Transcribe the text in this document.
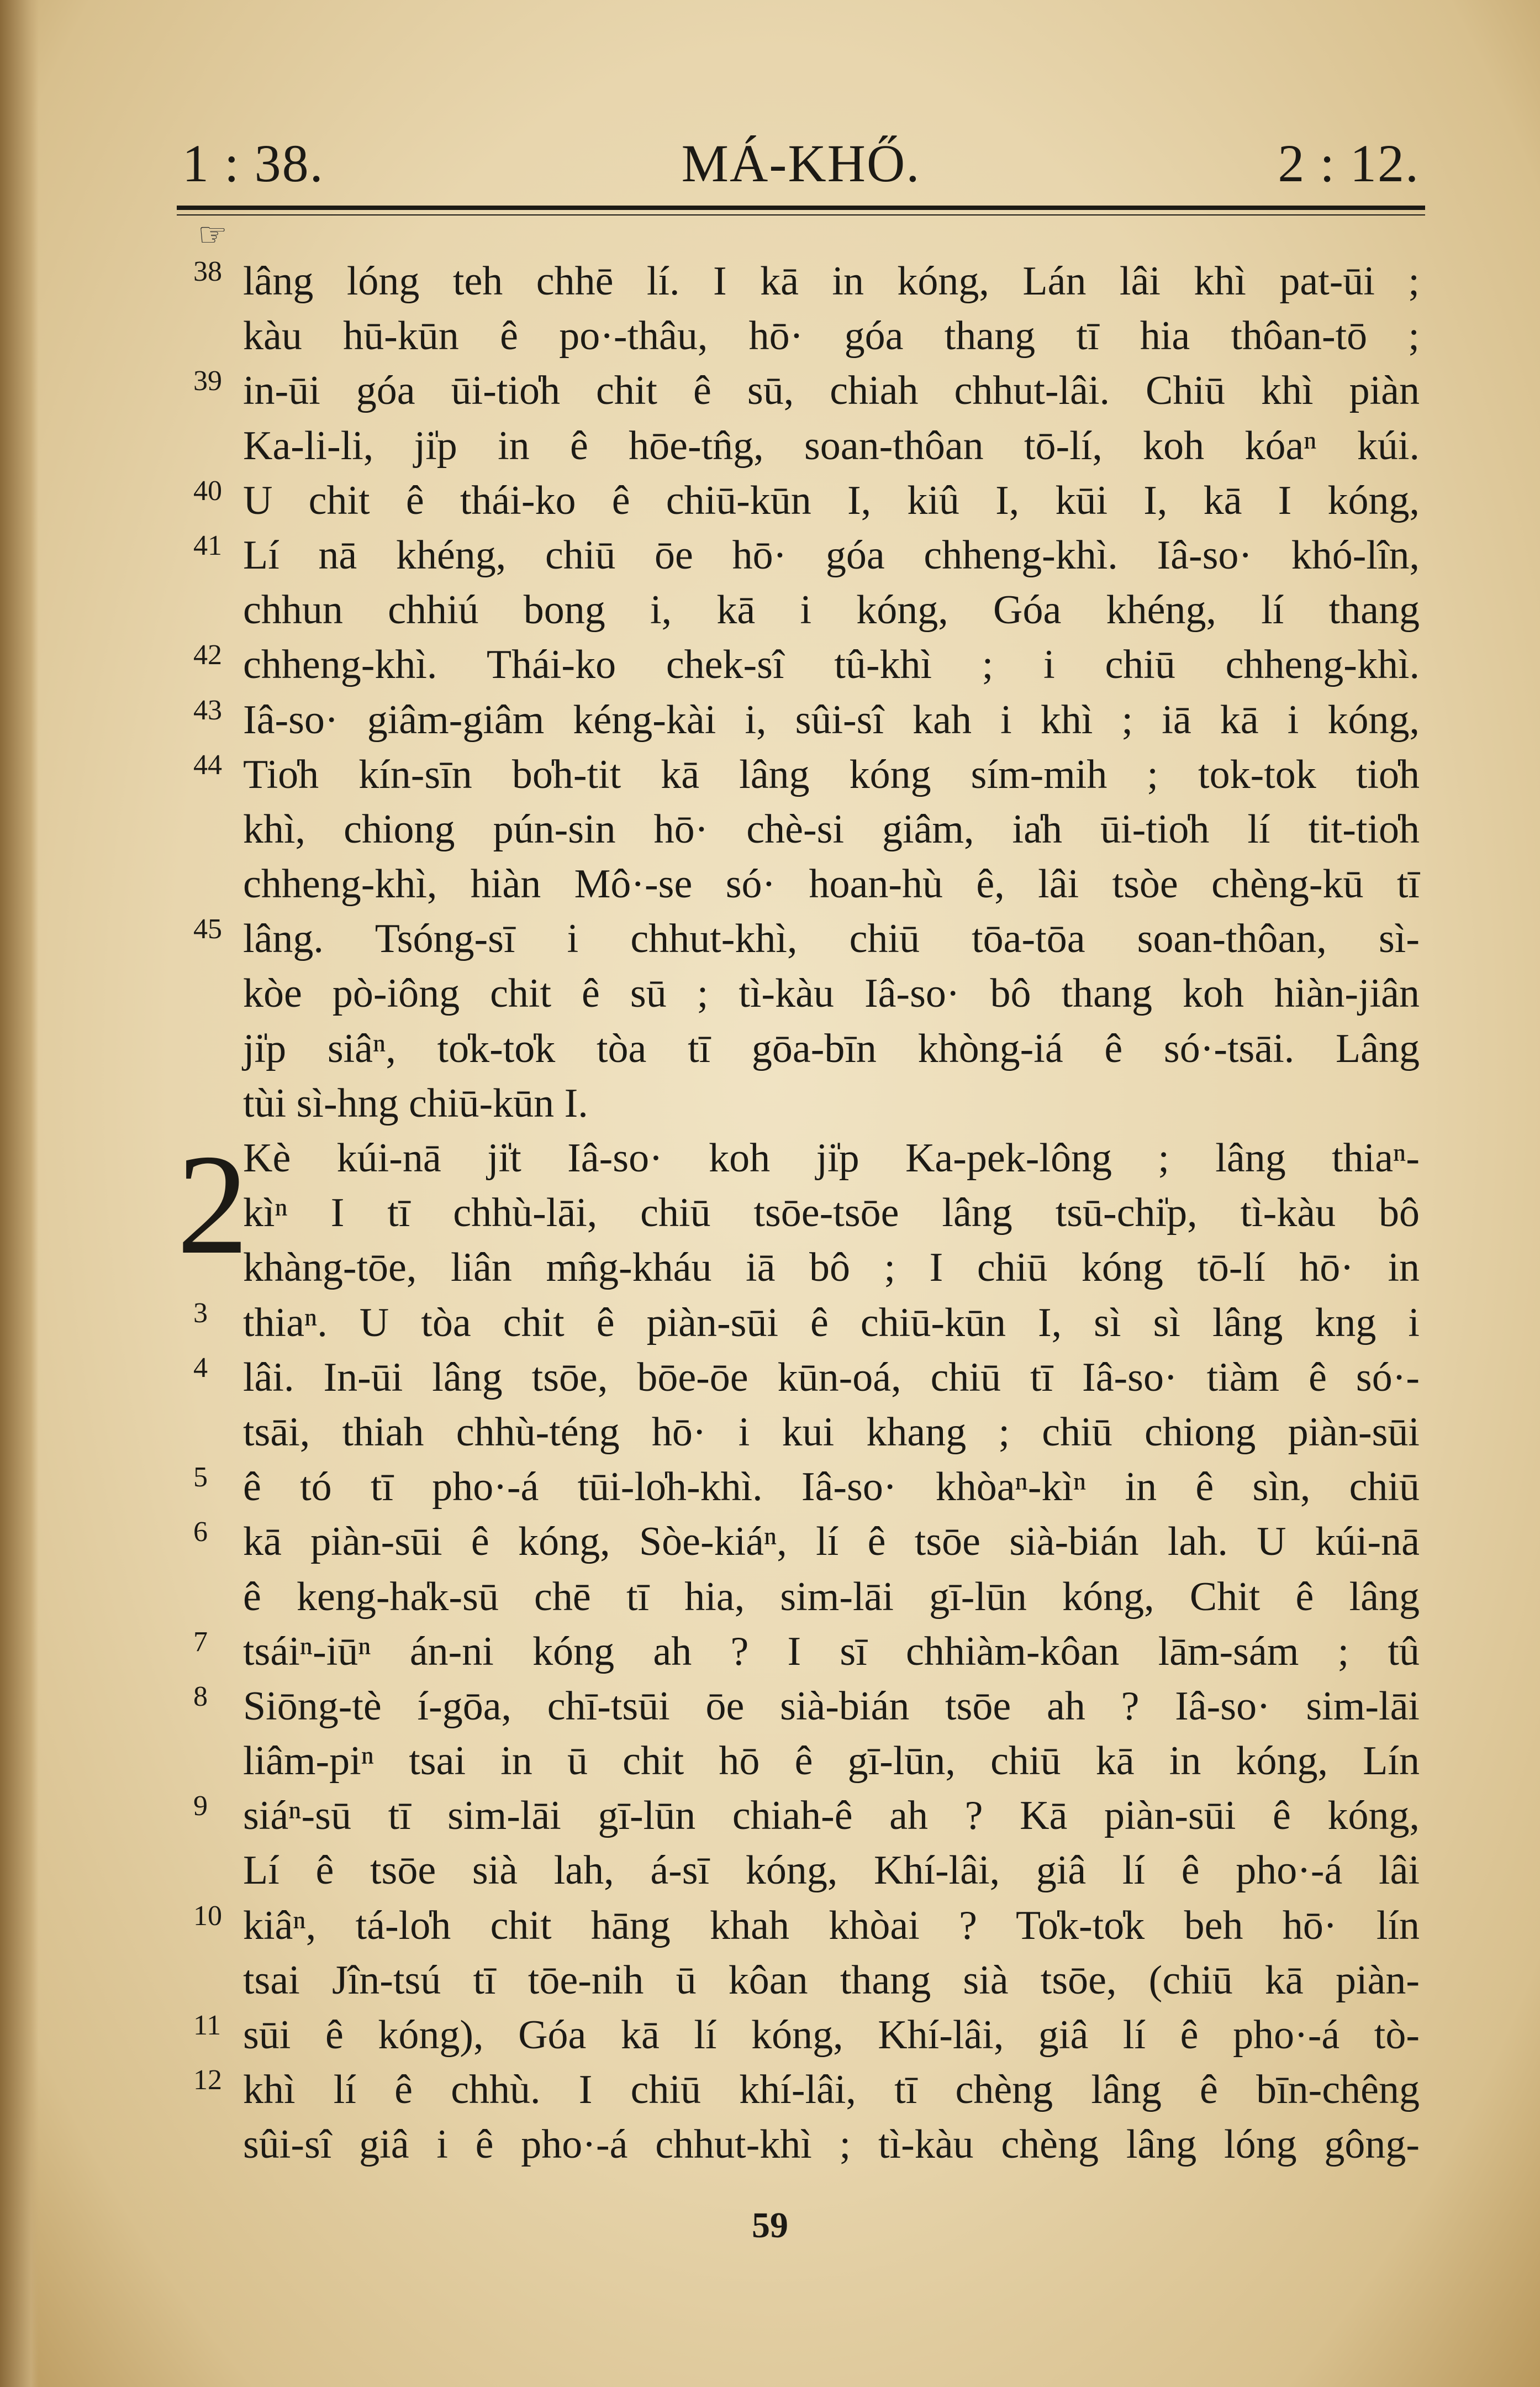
1 : 38.	MÁ-KHŐ.	2 : 12.
☞
2
38 lâng lóng teh chhē lí. I kā in kóng, Lán lâi khì pat-ūi ;
kàu hū-kūn ê po·-thâu, hō· góa thang tī hia thôan-tō ;
39 in-ūi góa ūi-tio̍h chit ê sū, chiah chhut-lâi. Chiū khì piàn
Ka-li-li, ji̍p in ê hōe-tn̂g, soan-thôan tō-lí, koh kóaⁿ kúi.
40 U chit ê thái-ko ê chiū-kūn I, kiû I, kūi I, kā I kóng,
41 Lí nā khéng, chiū ōe hō· góa chheng-khì. Iâ-so· khó-lîn,
chhun chhiú bong i, kā i kóng, Góa khéng, lí thang
42 chheng-khì. Thái-ko chek-sî tû-khì ; i chiū chheng-khì.
43 Iâ-so· giâm-giâm kéng-kài i, sûi-sî kah i khì ; iā kā i kóng,
44 Tio̍h kín-sīn bo̍h-tit kā lâng kóng sím-mih ; tok-tok tio̍h
khì, chiong pún-sin hō· chè-si giâm, ia̍h ūi-tio̍h lí tit-tio̍h
chheng-khì, hiàn Mô·-se só· hoan-hù ê, lâi tsòe chèng-kū tī
45 lâng. Tsóng-sī i chhut-khì, chiū tōa-tōa soan-thôan, sì-
kòe pò-iông chit ê sū ; tì-kàu Iâ-so· bô thang koh hiàn-jiân
ji̍p siâⁿ, to̍k-to̍k tòa tī gōa-bīn khòng-iá ê só·-tsāi. Lâng
tùi sì-hng chiū-kūn I.
Kè kúi-nā ji̍t Iâ-so· koh ji̍p Ka-pek-lông ; lâng thiaⁿ-
kìⁿ I tī chhù-lāi, chiū tsōe-tsōe lâng tsū-chi̍p, tì-kàu bô
khàng-tōe, liân mn̂g-kháu iā bô ; I chiū kóng tō-lí hō· in
3 thiaⁿ. U tòa chit ê piàn-sūi ê chiū-kūn I, sì sì lâng kng i
4 lâi. In-ūi lâng tsōe, bōe-ōe kūn-oá, chiū tī Iâ-so· tiàm ê só·-
tsāi, thiah chhù-téng hō· i kui khang ; chiū chiong piàn-sūi
5 ê tó tī pho·-á tūi-lo̍h-khì. Iâ-so· khòaⁿ-kìⁿ in ê sìn, chiū
6 kā piàn-sūi ê kóng, Sòe-kiáⁿ, lí ê tsōe sià-bián lah. U kúi-nā
ê keng-ha̍k-sū chē tī hia, sim-lāi gī-lūn kóng, Chit ê lâng
7 tsáiⁿ-iūⁿ án-ni kóng ah ? I sī chhiàm-kôan lām-sám ; tû
8 Siōng-tè í-gōa, chī-tsūi ōe sià-bián tsōe ah ? Iâ-so· sim-lāi
liâm-piⁿ tsai in ū chit hō ê gī-lūn, chiū kā in kóng, Lín
9 siáⁿ-sū tī sim-lāi gī-lūn chiah-ê ah ? Kā piàn-sūi ê kóng,
Lí ê tsōe sià lah, á-sī kóng, Khí-lâi, giâ lí ê pho·-á lâi
10 kiâⁿ, tá-lo̍h chit hāng khah khòai ? To̍k-to̍k beh hō· lín
tsai Jîn-tsú tī tōe-nih ū kôan thang sià tsōe, (chiū kā piàn-
11 sūi ê kóng), Góa kā lí kóng, Khí-lâi, giâ lí ê pho·-á tò-
12 khì lí ê chhù. I chiū khí-lâi, tī chèng lâng ê bīn-chêng
sûi-sî giâ i ê pho·-á chhut-khì ; tì-kàu chèng lâng lóng gông-
59
